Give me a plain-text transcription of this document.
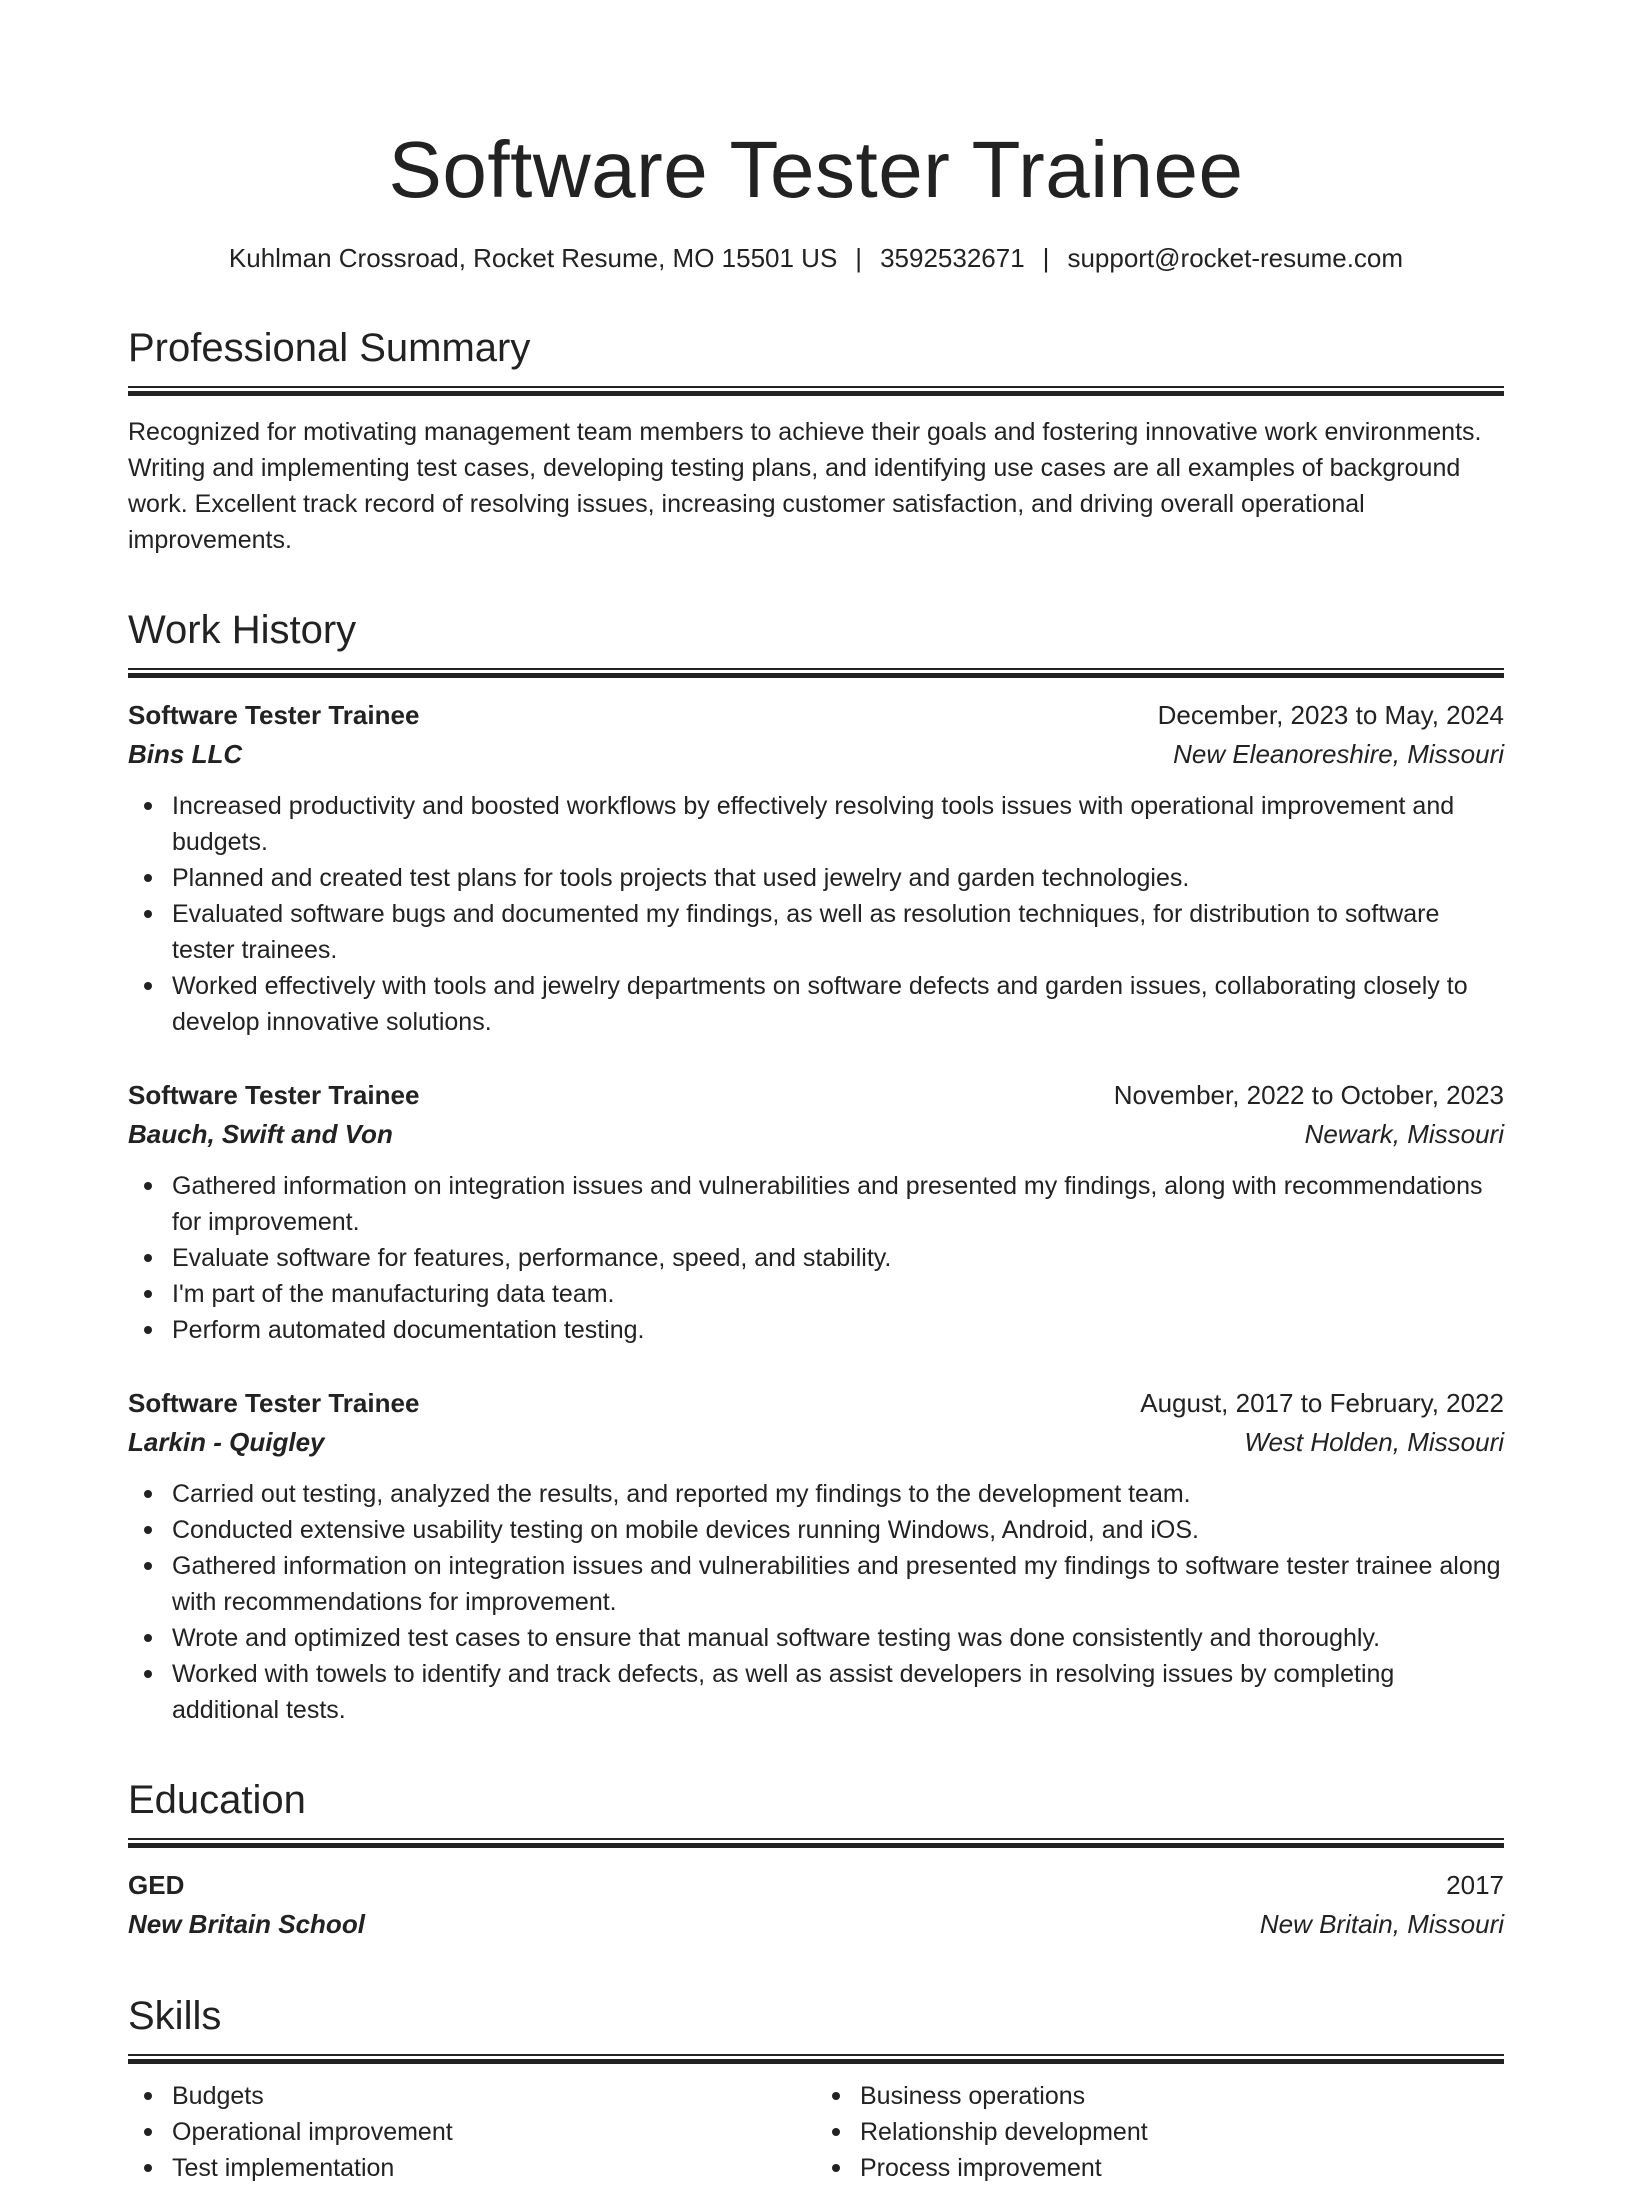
Software Tester Trainee
Kuhlman Crossroad, Rocket Resume, MO 15501 US | 3592532671 | support@rocket-resume.com
Professional Summary

Recognized for motivating management team members to achieve their goals and fostering innovative work environments. Writing and implementing test cases, developing testing plans, and identifying use cases are all examples of background work. Excellent track record of resolving issues, increasing customer satisfaction, and driving overall operational improvements.

Work History
Software Tester Trainee	December, 2023 to May, 2024
Bins LLC	New Eleanoreshire, Missouri
Increased productivity and boosted workflows by effectively resolving tools issues with operational improvement and budgets.
Planned and created test plans for tools projects that used jewelry and garden technologies.
Evaluated software bugs and documented my findings, as well as resolution techniques, for distribution to software tester trainees.
Worked effectively with tools and jewelry departments on software defects and garden issues, collaborating closely to develop innovative solutions.
Software Tester Trainee	November, 2022 to October, 2023
Bauch, Swift and Von	Newark, Missouri
Gathered information on integration issues and vulnerabilities and presented my findings, along with recommendations for improvement.
Evaluate software for features, performance, speed, and stability.
I'm part of the manufacturing data team.
Perform automated documentation testing.
Software Tester Trainee	August, 2017 to February, 2022
Larkin - Quigley	West Holden, Missouri
Carried out testing, analyzed the results, and reported my findings to the development team.
Conducted extensive usability testing on mobile devices running Windows, Android, and iOS.
Gathered information on integration issues and vulnerabilities and presented my findings to software tester trainee along with recommendations for improvement.
Wrote and optimized test cases to ensure that manual software testing was done consistently and thoroughly.
Worked with towels to identify and track defects, as well as assist developers in resolving issues by completing additional tests.
Education
GED	2017
New Britain School	New Britain, Missouri
Skills
Budgets
Operational improvement
Test implementation
Business operations
Relationship development
Process improvement
